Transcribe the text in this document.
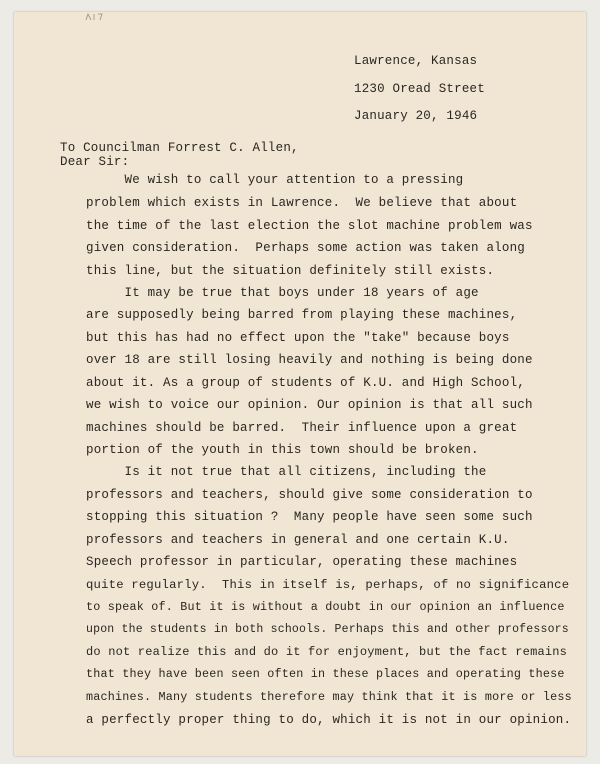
Lawrence, Kansas
1230 Oread Street
January 20, 1946
To Councilman Forrest C. Allen,
Dear Sir:
We wish to call your attention to a pressing
problem which exists in Lawrence.  We believe that about
the time of the last election the slot machine problem was
given consideration.  Perhaps some action was taken along
this line, but the situation definitely still exists.
It may be true that boys under 18 years of age
are supposedly being barred from playing these machines,
but this has had no effect upon the "take" because boys
over 18 are still losing heavily and nothing is being done
about it. As a group of students of K.U. and High School,
we wish to voice our opinion. Our opinion is that all such
machines should be barred.  Their influence upon a great
portion of the youth in this town should be broken.
Is it not true that all citizens, including the
professors and teachers, should give some consideration to
stopping this situation ?  Many people have seen some such
professors and teachers in general and one certain K.U.
Speech professor in particular, operating these machines
quite regularly.  This in itself is, perhaps, of no significance
to speak of. But it is without a doubt in our opinion an influence
upon the students in both schools. Perhaps this and other professors
do not realize this and do it for enjoyment, but the fact remains
that they have been seen often in these places and operating these
machines. Many students therefore may think that it is more or less
a perfectly proper thing to do, which it is not in our opinion.
